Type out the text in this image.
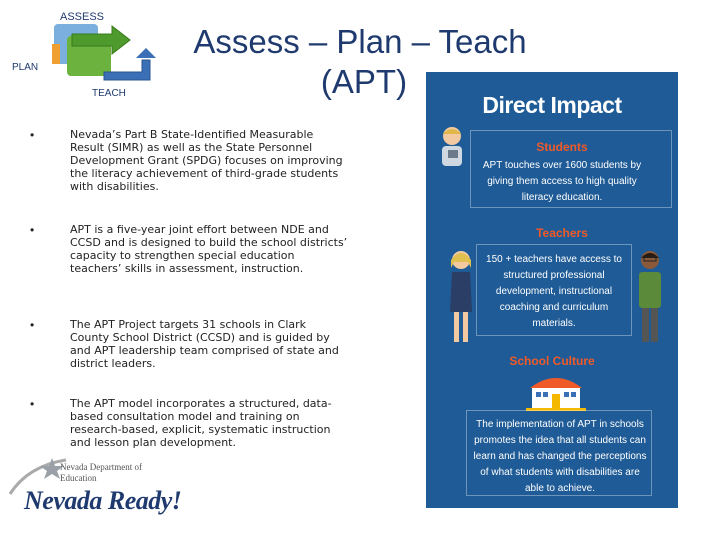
ASSESS
PLAN
TEACH
Assess – Plan – Teach
(APT)
•	Nevada’s Part B State-Identified Measurable Result (SIMR) as well as the State Personnel Development Grant (SPDG) focuses on improving the literacy achievement of third-grade students with disabilities.
•	APT is a five-year joint effort between NDE and CCSD and is designed to build the school districts’ capacity to strengthen special education teachers’ skills in assessment, instruction.
•	The APT Project targets 31 schools in Clark County School District (CCSD) and is guided by and APT leadership team comprised of state and district leaders.
•	The APT model incorporates a structured, data-based consultation model and training on research-based, explicit, systematic instruction and lesson plan development.
Nevada Department of Education
Nevada Ready!
Direct Impact
Students
APT touches over 1600 students by giving them access to high quality literacy education.
Teachers
150 + teachers have access to structured professional development, instructional coaching and curriculum materials.
School Culture
The implementation of APT in schools promotes the idea that all students can learn and has changed the perceptions of what students with disabilities are able to achieve.
